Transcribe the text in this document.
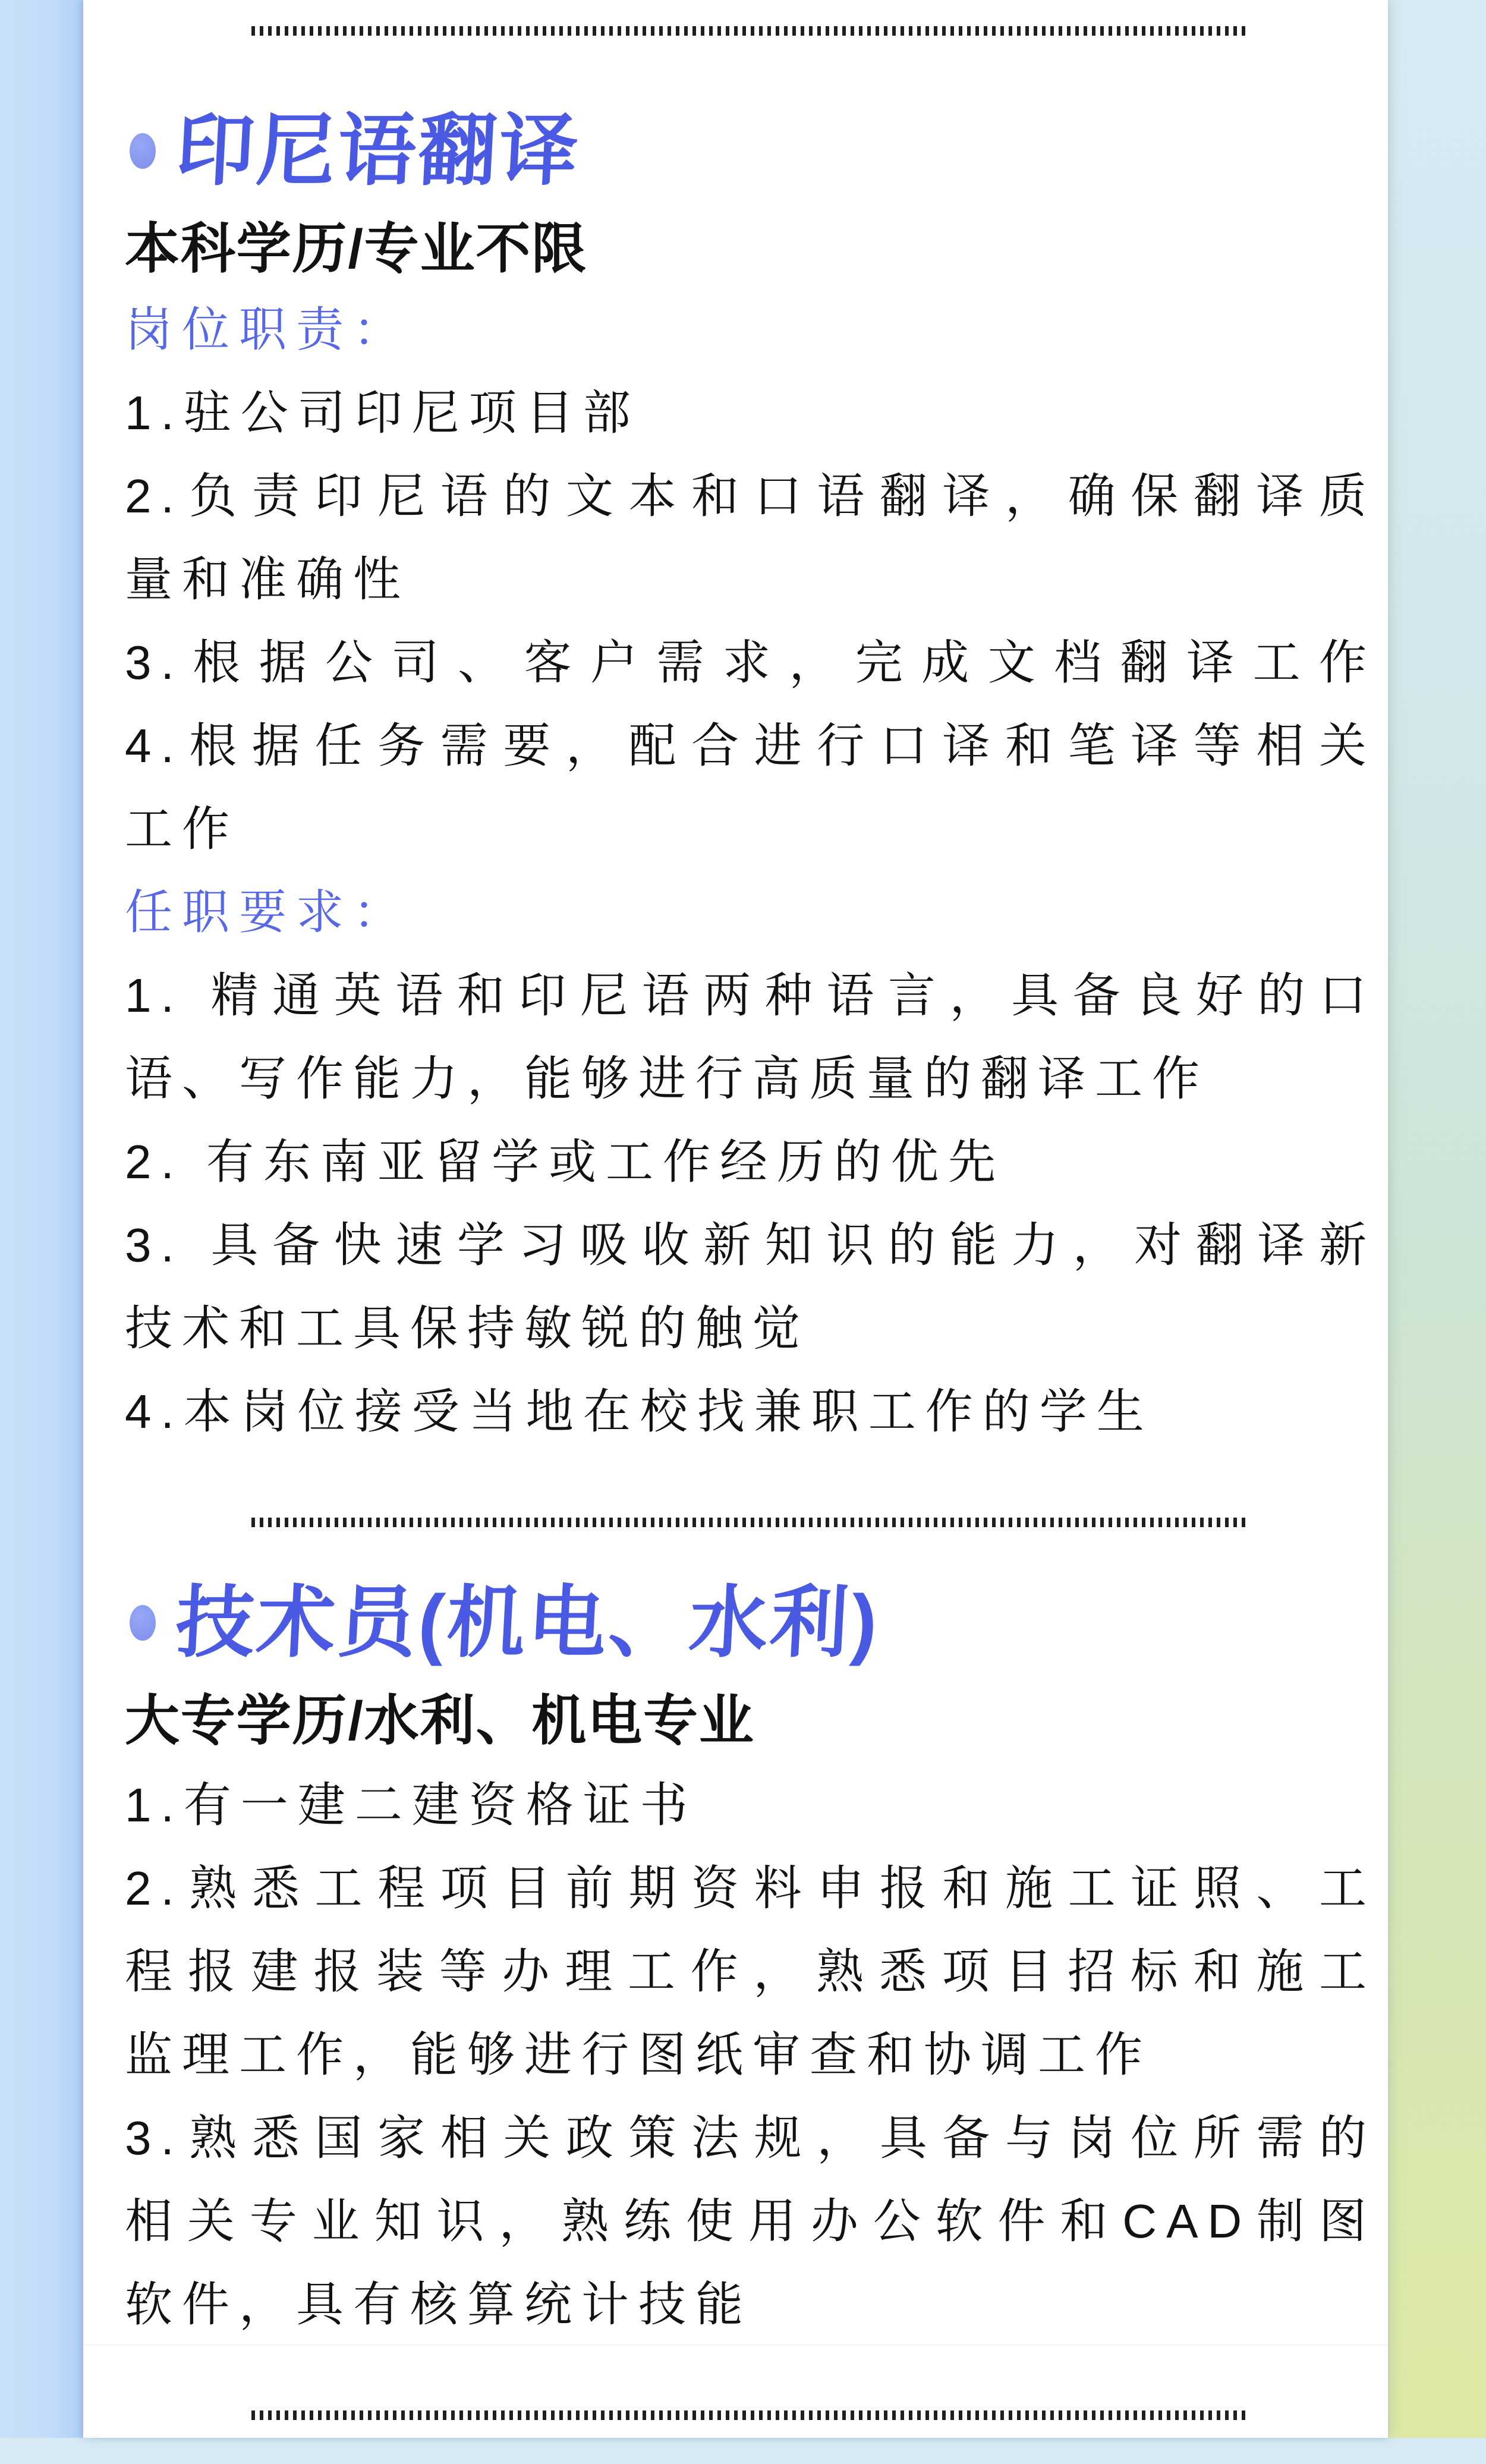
印尼语翻译
本科学历/专业不限
岗位职责：
1.驻公司印尼项目部
2.负责印尼语的文本和口语翻译，确保翻译质
量和准确性
3.根据公司、客户需求，完成文档翻译工作
4.根据任务需要，配合进行口译和笔译等相关
工作
任职要求：
1. 精通英语和印尼语两种语言，具备良好的口
语、写作能力，能够进行高质量的翻译工作
2. 有东南亚留学或工作经历的优先
3. 具备快速学习吸收新知识的能力，对翻译新
技术和工具保持敏锐的触觉
4.本岗位接受当地在校找兼职工作的学生
技术员(机电、水利)
大专学历/水利、机电专业
1.有一建二建资格证书
2.熟悉工程项目前期资料申报和施工证照、工
程报建报装等办理工作，熟悉项目招标和施工
监理工作，能够进行图纸审查和协调工作
3.熟悉国家相关政策法规，具备与岗位所需的
相关专业知识，熟练使用办公软件和CAD制图
软件，具有核算统计技能
